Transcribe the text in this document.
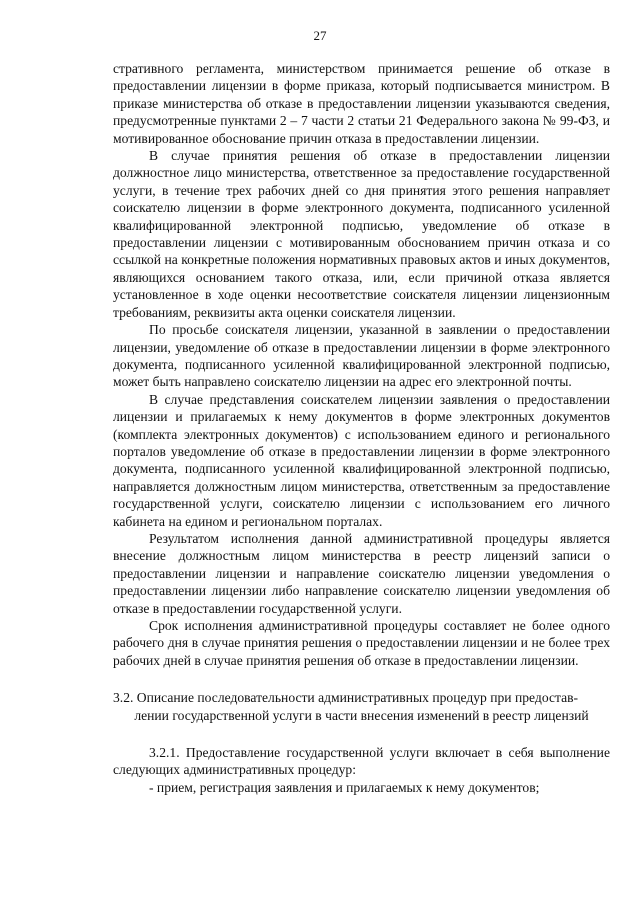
27

стративного регламента, министерством принимается решение об отказе в предоставлении лицензии в форме приказа, который подписывается министром. В приказе министерства об отказе в предоставлении лицензии указываются сведения, предусмотренные пунктами 2 – 7 части 2 статьи 21 Федерального закона № 99-ФЗ, и мотивированное обоснование причин отказа в предоставлении лицензии.

В случае принятия решения об отказе в предоставлении лицензии должностное лицо министерства, ответственное за предоставление государственной услуги, в течение трех рабочих дней со дня принятия этого решения направляет соискателю лицензии в форме электронного документа, подписанного усиленной квалифицированной электронной подписью, уведомление об отказе в предоставлении лицензии с мотивированным обоснованием причин отказа и со ссылкой на конкретные положения нормативных правовых актов и иных документов, являющихся основанием такого отказа, или, если причиной отказа является установленное в ходе оценки несоответствие соискателя лицензии лицензионным требованиям, реквизиты акта оценки соискателя лицензии.

По просьбе соискателя лицензии, указанной в заявлении о предоставлении лицензии, уведомление об отказе в предоставлении лицензии в форме электронного документа, подписанного усиленной квалифицированной электронной подписью, может быть направлено соискателю лицензии на адрес его электронной почты.

В случае представления соискателем лицензии заявления о предоставлении лицензии и прилагаемых к нему документов в форме электронных документов (комплекта электронных документов) с использованием единого и регионального порталов уведомление об отказе в предоставлении лицензии в форме электронного документа, подписанного усиленной квалифицированной электронной подписью, направляется должностным лицом министерства, ответственным за предоставление государственной услуги, соискателю лицензии с использованием его личного кабинета на едином и региональном порталах.

Результатом исполнения данной административной процедуры является внесение должностным лицом министерства в реестр лицензий записи о предоставлении лицензии и направление соискателю лицензии уведомления о предоставлении лицензии либо направление соискателю лицензии уведомления об отказе в предоставлении государственной услуги.

Срок исполнения административной процедуры составляет не более одного рабочего дня в случае принятия решения о предоставлении лицензии и не более трех рабочих дней в случае принятия решения об отказе в предоставлении лицензии.

3.2. Описание последовательности административных процедур при предостав-
лении государственной услуги в части внесения изменений в реестр лицензий

3.2.1. Предоставление государственной услуги включает в себя выполнение следующих административных процедур:

- прием, регистрация заявления и прилагаемых к нему документов;
